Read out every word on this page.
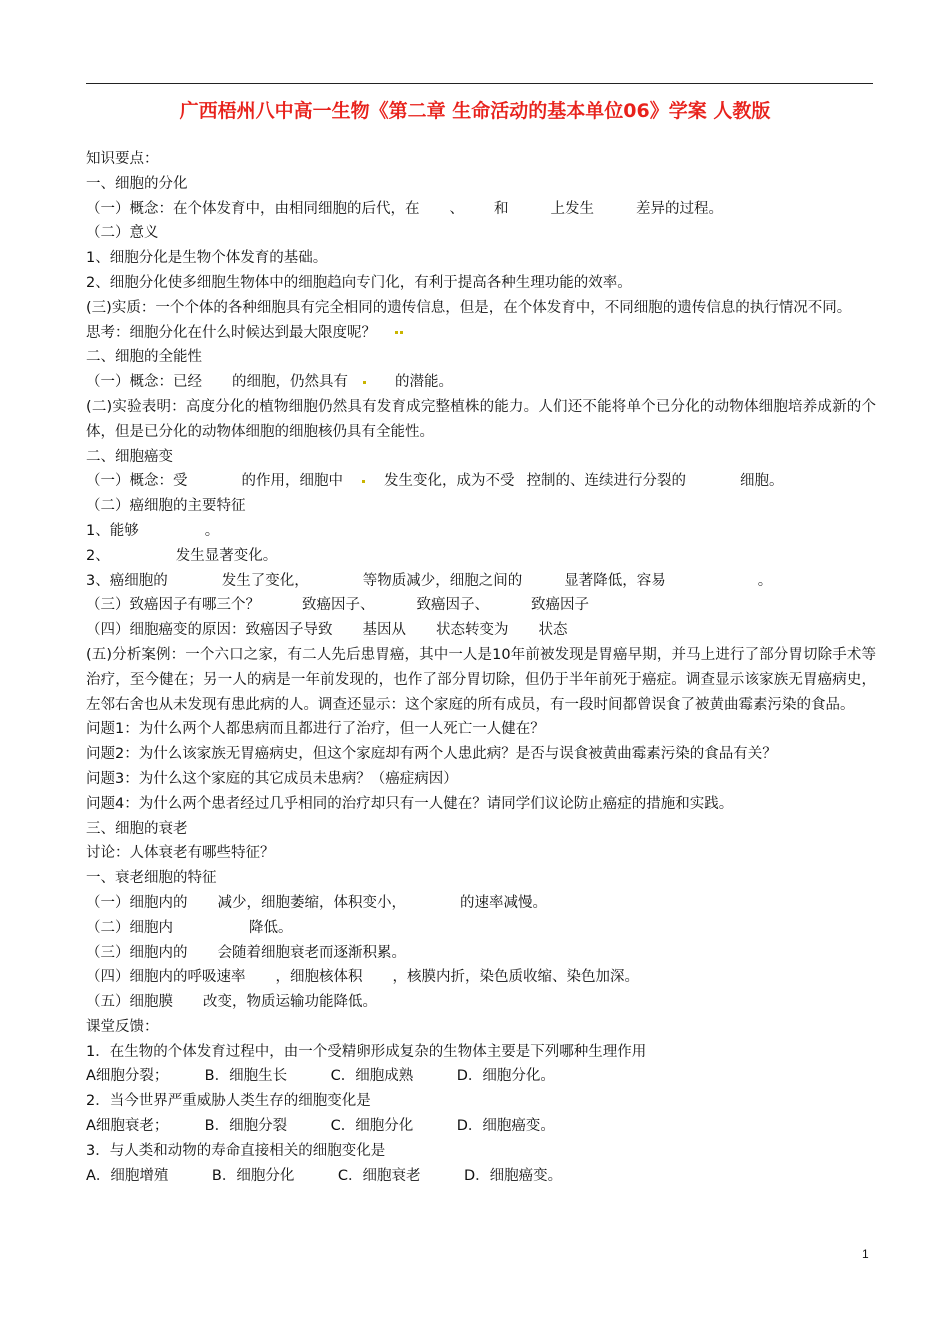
广西梧州八中高一生物《第二章 生命活动的基本单位06》学案 人教版
知识要点：
一、细胞的分化
（一）概念：在个体发育中，由相同细胞的后代，在 、 和	上发生	差异的过程。
（二）意义
1、细胞分化是生物个体发育的基础。
2、细胞分化使多细胞生物体中的细胞趋向专门化，有利于提高各种生理功能的效率。
(三)实质：一个个体的各种细胞具有完全相同的遗传信息，但是，在个体发育中，不同细胞的遗传信息的执行情况不同。
思考：细胞分化在什么时候达到最大限度呢？
二、细胞的全能性
（一）概念：已经 的细胞，仍然具有	的潜能。
(二)实验表明：高度分化的植物细胞仍然具有发育成完整植株的能力。人们还不能将单个已分化的动物体细胞培养成新的个体，但是已分化的动物体细胞的细胞核仍具有全能性。
二、细胞癌变
（一）概念：受	的作用，细胞中	发生变化，成为不受 控制的、连续进行分裂的	细胞。
（二）癌细胞的主要特征
1、能够	。
2、	发生显著变化。
3、癌细胞的	发生了变化，	等物质减少，细胞之间的	显著降低，容易	。
（三）致癌因子有哪三个？	致癌因子、	致癌因子、	致癌因子
（四）细胞癌变的原因：致癌因子导致 基因从 状态转变为 状态
(五)分析案例：一个六口之家，有二人先后患胃癌，其中一人是10年前被发现是胃癌早期，并马上进行了部分胃切除手术等治疗，至今健在；另一人的病是一年前发现的，也作了部分胃切除，但仍于半年前死于癌症。调查显示该家族无胃癌病史，左邻右舍也从未发现有患此病的人。调查还显示：这个家庭的所有成员，有一段时间都曾误食了被黄曲霉素污染的食品。
问题1：为什么两个人都患病而且都进行了治疗，但一人死亡一人健在？
问题2：为什么该家族无胃癌病史，但这个家庭却有两个人患此病？是否与误食被黄曲霉素污染的食品有关？
问题3：为什么这个家庭的其它成员未患病？（癌症病因）
问题4：为什么两个患者经过几乎相同的治疗却只有一人健在？请同学们议论防止癌症的措施和实践。
三、细胞的衰老
讨论：人体衰老有哪些特征？
一、衰老细胞的特征
（一）细胞内的 减少，细胞萎缩，体积变小，	的速率减慢。
（二）细胞内	降低。
（三）细胞内的 会随着细胞衰老而逐渐积累。
（四）细胞内的呼吸速率 ，细胞核体积 ，核膜内折，染色质收缩、染色加深。
（五）细胞膜 改变，物质运输功能降低。
课堂反馈：
1．在生物的个体发育过程中，由一个受精卵形成复杂的生物体主要是下列哪种生理作用
A细胞分裂；　　　B．细胞生长　　　C．细胞成熟　　　D．细胞分化。
2．当今世界严重威胁人类生存的细胞变化是
A细胞衰老；　　　B．细胞分裂　　　C．细胞分化　　　D．细胞癌变。
3．与人类和动物的寿命直接相关的细胞变化是
A．细胞增殖　　　B．细胞分化　　　C．细胞衰老　　　D．细胞癌变。
1
